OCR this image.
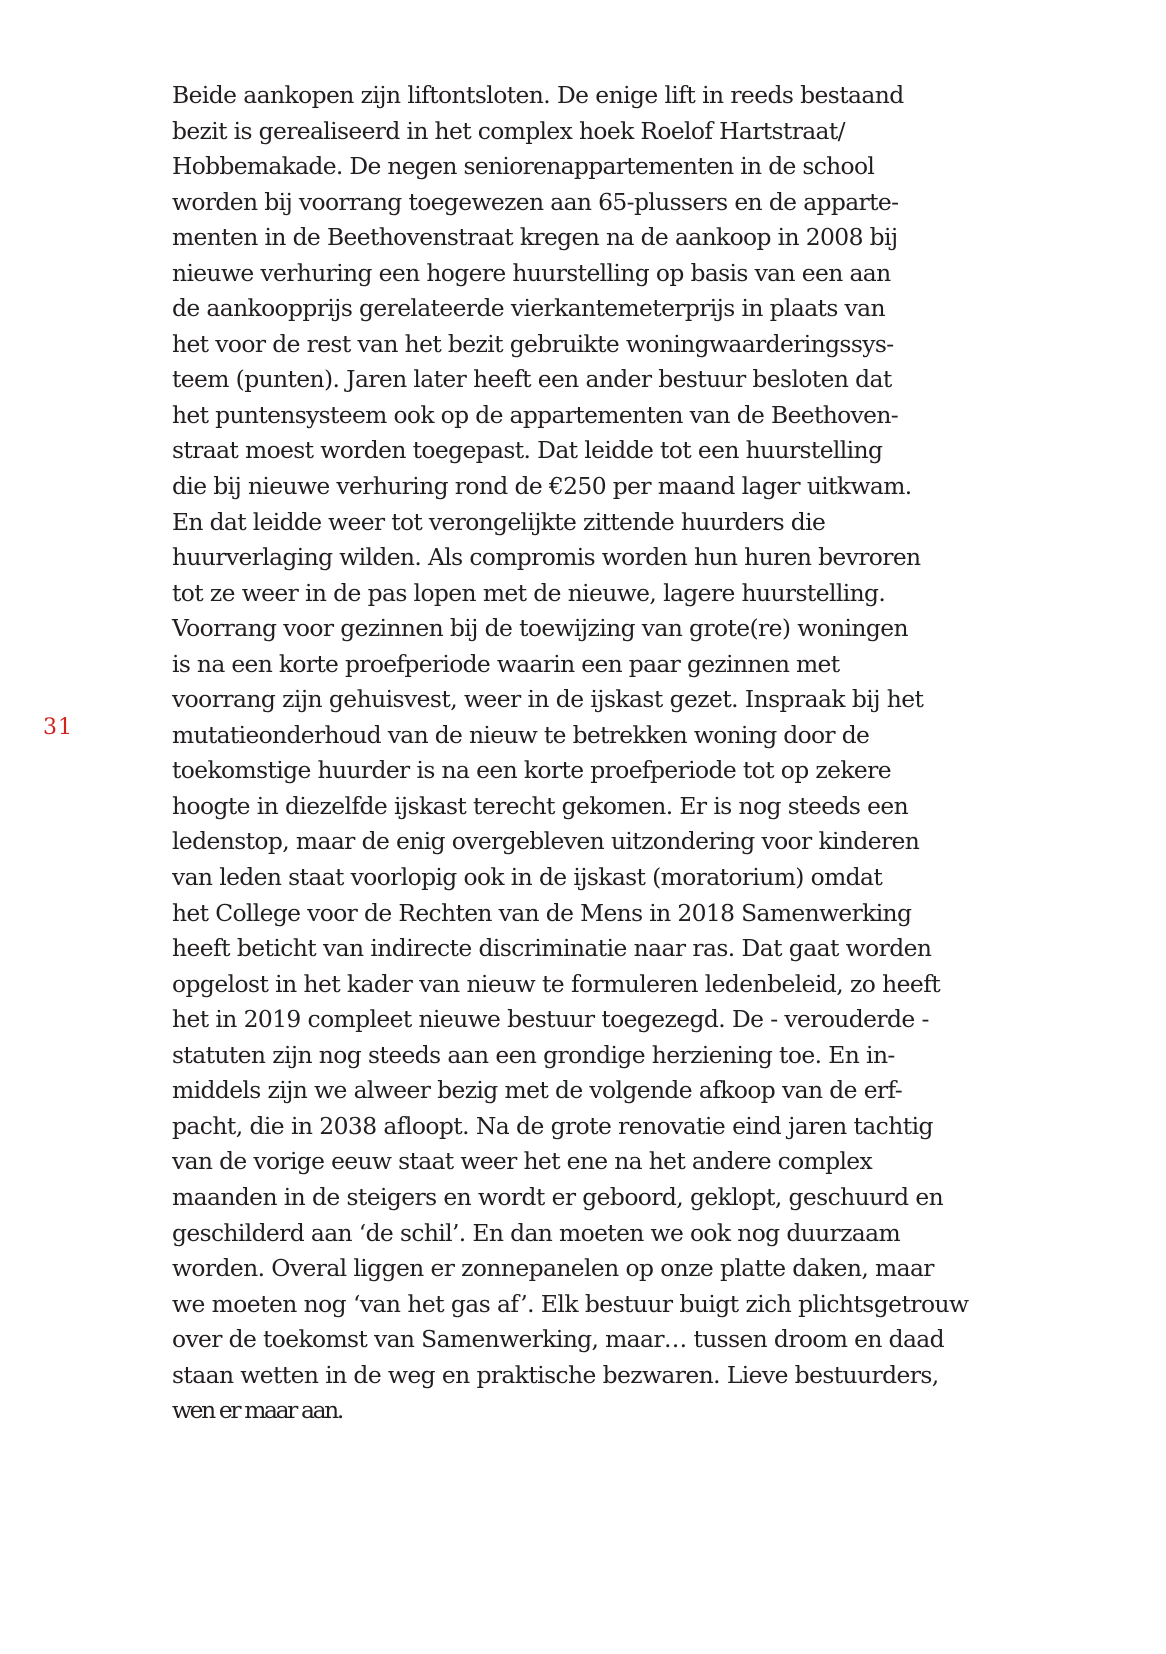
31
Beide aankopen zijn liftontsloten. De enige lift in reeds bestaand
bezit is gerealiseerd in het complex hoek Roelof Hartstraat/
Hobbemakade. De negen seniorenappartementen in de school
worden bij voorrang toegewezen aan 65-plussers en de apparte-
menten in de Beethovenstraat kregen na de aankoop in 2008 bij
nieuwe verhuring een hogere huurstelling op basis van een aan
de aankoopprijs gerelateerde vierkantemeterprijs in plaats van
het voor de rest van het bezit gebruikte woningwaarderingssys-
teem (punten). Jaren later heeft een ander bestuur besloten dat
het puntensysteem ook op de appartementen van de Beethoven-
straat moest worden toegepast. Dat leidde tot een huurstelling
die bij nieuwe verhuring rond de €250 per maand lager uitkwam.
En dat leidde weer tot verongelijkte zittende huurders die
huurverlaging wilden. Als compromis worden hun huren bevroren
tot ze weer in de pas lopen met de nieuwe, lagere huurstelling.
Voorrang voor gezinnen bij de toewijzing van grote(re) woningen
is na een korte proefperiode waarin een paar gezinnen met
voorrang zijn gehuisvest, weer in de ijskast gezet. Inspraak bij het
mutatieonderhoud van de nieuw te betrekken woning door de
toekomstige huurder is na een korte proefperiode tot op zekere
hoogte in diezelfde ijskast terecht gekomen. Er is nog steeds een
ledenstop, maar de enig overgebleven uitzondering voor kinderen
van leden staat voorlopig ook in de ijskast (moratorium) omdat
het College voor de Rechten van de Mens in 2018 Samenwerking
heeft beticht van indirecte discriminatie naar ras. Dat gaat worden
opgelost in het kader van nieuw te formuleren ledenbeleid, zo heeft
het in 2019 compleet nieuwe bestuur toegezegd. De - verouderde -
statuten zijn nog steeds aan een grondige herziening toe. En in-
middels zijn we alweer bezig met de volgende afkoop van de erf-
pacht, die in 2038 afloopt. Na de grote renovatie eind jaren tachtig
van de vorige eeuw staat weer het ene na het andere complex
maanden in de steigers en wordt er geboord, geklopt, geschuurd en
geschilderd aan ‘de schil’. En dan moeten we ook nog duurzaam
worden. Overal liggen er zonnepanelen op onze platte daken, maar
we moeten nog ‘van het gas af’. Elk bestuur buigt zich plichtsgetrouw
over de toekomst van Samenwerking, maar… tussen droom en daad
staan wetten in de weg en praktische bezwaren. Lieve bestuurders,
wen er maar aan.
